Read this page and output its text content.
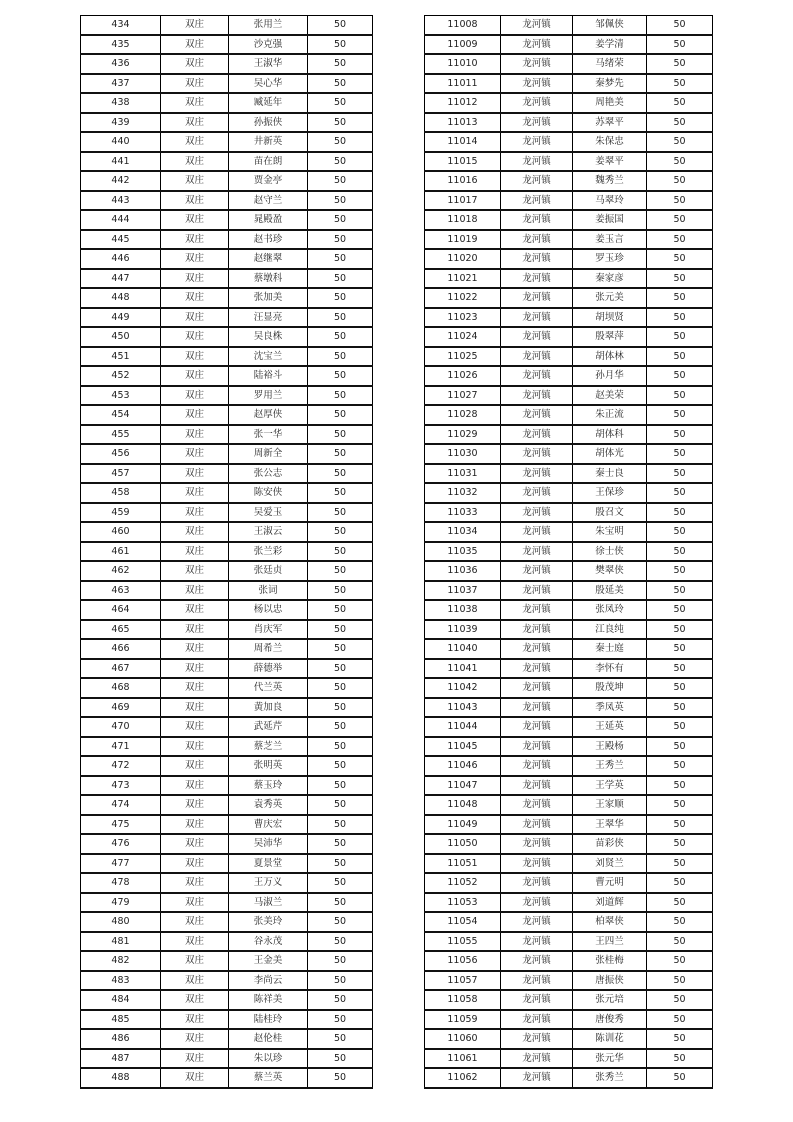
434	双庄	张用兰	50
435	双庄	沙克强	50
436	双庄	王淑华	50
437	双庄	吴心华	50
438	双庄	臧延年	50
439	双庄	孙振侠	50
440	双庄	井新英	50
441	双庄	苗在朗	50
442	双庄	贾金亭	50
443	双庄	赵守兰	50
444	双庄	晁殿盈	50
445	双庄	赵书珍	50
446	双庄	赵继翠	50
447	双庄	蔡墩科	50
448	双庄	张加美	50
449	双庄	汪显亮	50
450	双庄	吴良株	50
451	双庄	沈宝兰	50
452	双庄	陆裕斗	50
453	双庄	罗用兰	50
454	双庄	赵厚侠	50
455	双庄	张一华	50
456	双庄	周新全	50
457	双庄	张公志	50
458	双庄	陈安侠	50
459	双庄	吴爱玉	50
460	双庄	王淑云	50
461	双庄	张兰彩	50
462	双庄	张廷贞	50
463	双庄	张词	50
464	双庄	杨以忠	50
465	双庄	肖庆军	50
466	双庄	周希兰	50
467	双庄	薛德举	50
468	双庄	代兰英	50
469	双庄	黄加良	50
470	双庄	武延芹	50
471	双庄	蔡芝兰	50
472	双庄	张明英	50
473	双庄	蔡玉玲	50
474	双庄	袁秀英	50
475	双庄	曹庆宏	50
476	双庄	吴沛华	50
477	双庄	夏景堂	50
478	双庄	王万义	50
479	双庄	马淑兰	50
480	双庄	张美玲	50
481	双庄	谷永茂	50
482	双庄	王金美	50
483	双庄	李尚云	50
484	双庄	陈祥美	50
485	双庄	陆桂玲	50
486	双庄	赵伦桂	50
487	双庄	朱以珍	50
488	双庄	蔡兰英	50
11008	龙河镇	邹佩侠	50
11009	龙河镇	姜学清	50
11010	龙河镇	马绪荣	50
11011	龙河镇	秦梦先	50
11012	龙河镇	周艳美	50
11013	龙河镇	苏翠平	50
11014	龙河镇	朱保忠	50
11015	龙河镇	姜翠平	50
11016	龙河镇	魏秀兰	50
11017	龙河镇	马翠玲	50
11018	龙河镇	姜振国	50
11019	龙河镇	姜玉言	50
11020	龙河镇	罗玉珍	50
11021	龙河镇	秦家彦	50
11022	龙河镇	张元美	50
11023	龙河镇	胡坝贤	50
11024	龙河镇	殷翠萍	50
11025	龙河镇	胡体林	50
11026	龙河镇	孙月华	50
11027	龙河镇	赵美荣	50
11028	龙河镇	朱正流	50
11029	龙河镇	胡体科	50
11030	龙河镇	胡体光	50
11031	龙河镇	秦士良	50
11032	龙河镇	王保珍	50
11033	龙河镇	殷召文	50
11034	龙河镇	朱宝明	50
11035	龙河镇	徐士侠	50
11036	龙河镇	樊翠侠	50
11037	龙河镇	殷延美	50
11038	龙河镇	张凤玲	50
11039	龙河镇	江良纯	50
11040	龙河镇	秦士庭	50
11041	龙河镇	李怀有	50
11042	龙河镇	殷茂坤	50
11043	龙河镇	季凤英	50
11044	龙河镇	王延英	50
11045	龙河镇	王殿杨	50
11046	龙河镇	王秀兰	50
11047	龙河镇	王学英	50
11048	龙河镇	王家顺	50
11049	龙河镇	王翠华	50
11050	龙河镇	苗彩侠	50
11051	龙河镇	刘贤兰	50
11052	龙河镇	曹元明	50
11053	龙河镇	刘道辉	50
11054	龙河镇	柏翠侠	50
11055	龙河镇	王四兰	50
11056	龙河镇	张桂梅	50
11057	龙河镇	唐振侠	50
11058	龙河镇	张元培	50
11059	龙河镇	唐俊秀	50
11060	龙河镇	陈训花	50
11061	龙河镇	张元华	50
11062	龙河镇	张秀兰	50
